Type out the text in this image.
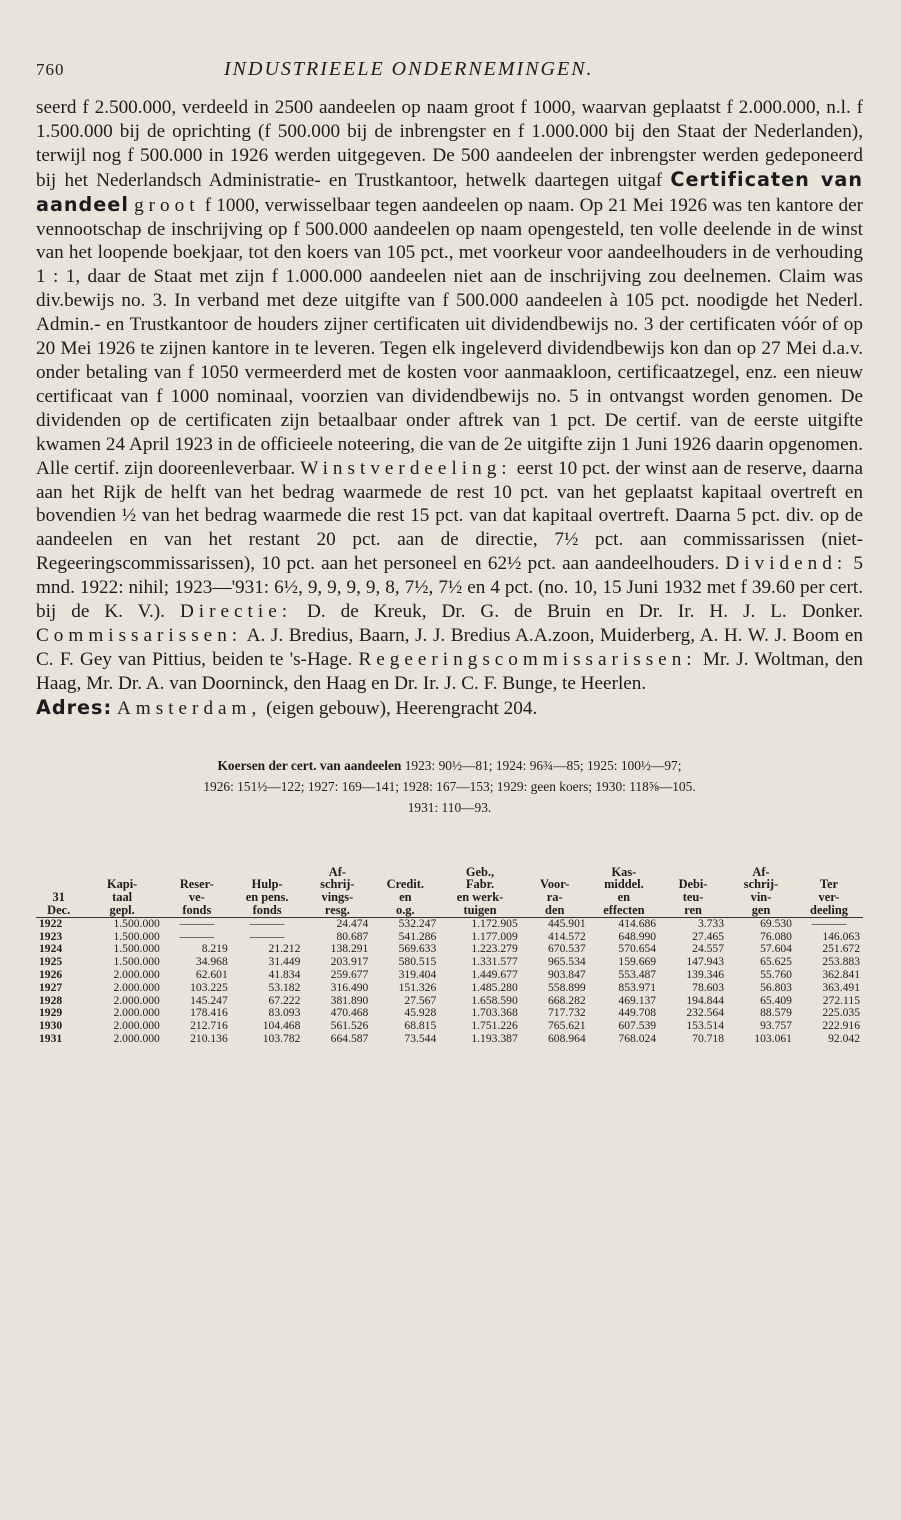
760	INDUSTRIEELE ONDERNEMINGEN.

seerd f 2.500.000, verdeeld in 2500 aandeelen op naam groot f 1000, waarvan geplaatst f 2.000.000, n.l. f 1.500.000 bij de oprichting (f 500.000 bij de inbrengster en f 1.000.000 bij den Staat der Nederlanden), terwijl nog f 500.000 in 1926 werden uitgegeven. De 500 aandeelen der inbrengster werden gedeponeerd bij het Nederlandsch Administratie- en Trustkantoor, hetwelk daartegen uitgaf Certificaten van aandeel groot f 1000, verwisselbaar tegen aandeelen op naam. Op 21 Mei 1926 was ten kantore der vennootschap de inschrijving op f 500.000 aandeelen op naam opengesteld, ten volle deelende in de winst van het loopende boekjaar, tot den koers van 105 pct., met voorkeur voor aandeelhouders in de verhouding 1 : 1, daar de Staat met zijn f 1.000.000 aandeelen niet aan de inschrijving zou deelnemen. Claim was div.bewijs no. 3. In verband met deze uitgifte van f 500.000 aandeelen à 105 pct. noodigde het Nederl. Admin.- en Trustkantoor de houders zijner certificaten uit dividendbewijs no. 3 der certificaten vóór of op 20 Mei 1926 te zijnen kantore in te leveren. Tegen elk ingeleverd dividendbewijs kon dan op 27 Mei d.a.v. onder betaling van f 1050 vermeerderd met de kosten voor aanmaakloon, certificaatzegel, enz. een nieuw certificaat van f 1000 nominaal, voorzien van dividendbewijs no. 5 in ontvangst worden genomen. De dividenden op de certificaten zijn betaalbaar onder aftrek van 1 pct. De certif. van de eerste uitgifte kwamen 24 April 1923 in de officieele noteering, die van de 2e uitgifte zijn 1 Juni 1926 daarin opgenomen. Alle certif. zijn dooreenleverbaar. Winstverdeeling: eerst 10 pct. der winst aan de reserve, daarna aan het Rijk de helft van het bedrag waarmede de rest 10 pct. van het geplaatst kapitaal overtreft en bovendien ½ van het bedrag waarmede die rest 15 pct. van dat kapitaal overtreft. Daarna 5 pct. div. op de aandeelen en van het restant 20 pct. aan de directie, 7½ pct. aan commissarissen (niet-Regeeringscommissarissen), 10 pct. aan het personeel en 62½ pct. aan aandeelhouders. Dividend: 5 mnd. 1922: nihil; 1923—'931: 6½, 9, 9, 9, 9, 8, 7½, 7½ en 4 pct. (no. 10, 15 Juni 1932 met f 39.60 per cert. bij de K. V.). Directie: D. de Kreuk, Dr. G. de Bruin en Dr. Ir. H. J. L. Donker. Commissarissen: A. J. Bredius, Baarn, J. J. Bredius A.A.zoon, Muiderberg, A. H. W. J. Boom en C. F. Gey van Pittius, beiden te 's-Hage. Regeeringscommissarissen: Mr. J. Woltman, den Haag, Mr. Dr. A. van Doorninck, den Haag en Dr. Ir. J. C. F. Bunge, te Heerlen.

Adres: Amsterdam, (eigen gebouw), Heerengracht 204.

Koersen der cert. van aandeelen 1923: 90½—81; 1924: 96¾—85; 1925: 100½—97;
1926: 151½—122; 1927: 169—141; 1928: 167—153; 1929: geen koers; 1930: 118⅝—105.
1931: 110—93.
				Af-		Geb.,		Kas-		Af-	
	Kapi-	Reser-	Hulp-	schrij-	Credit.	Fabr.	Voor-	middel.	Debi-	schrij-	Ter
31	taal	ve-	en pens.	vings-	en	en werk-	ra-	en	teu-	vin-	ver-
Dec.	gepl.	fonds	fonds	resg.	o.g.	tuigen	den	effecten	ren	gen	deeling
1922	1.500.000	———	———	24.474	532.247	1.172.905	445.901	414.686	3.733	69.530	———
1923	1.500.000	———	———	80.687	541.286	1.177.009	414.572	648.990	27.465	76.080	146.063
1924	1.500.000	8.219	21.212	138.291	569.633	1.223.279	670.537	570.654	24.557	57.604	251.672
1925	1.500.000	34.968	31.449	203.917	580.515	1.331.577	965.534	159.669	147.943	65.625	253.883
1926	2.000.000	62.601	41.834	259.677	319.404	1.449.677	903.847	553.487	139.346	55.760	362.841
1927	2.000.000	103.225	53.182	316.490	151.326	1.485.280	558.899	853.971	78.603	56.803	363.491
1928	2.000.000	145.247	67.222	381.890	27.567	1.658.590	668.282	469.137	194.844	65.409	272.115
1929	2.000.000	178.416	83.093	470.468	45.928	1.703.368	717.732	449.708	232.564	88.579	225.035
1930	2.000.000	212.716	104.468	561.526	68.815	1.751.226	765.621	607.539	153.514	93.757	222.916
1931	2.000.000	210.136	103.782	664.587	73.544	1.193.387	608.964	768.024	70.718	103.061	92.042
